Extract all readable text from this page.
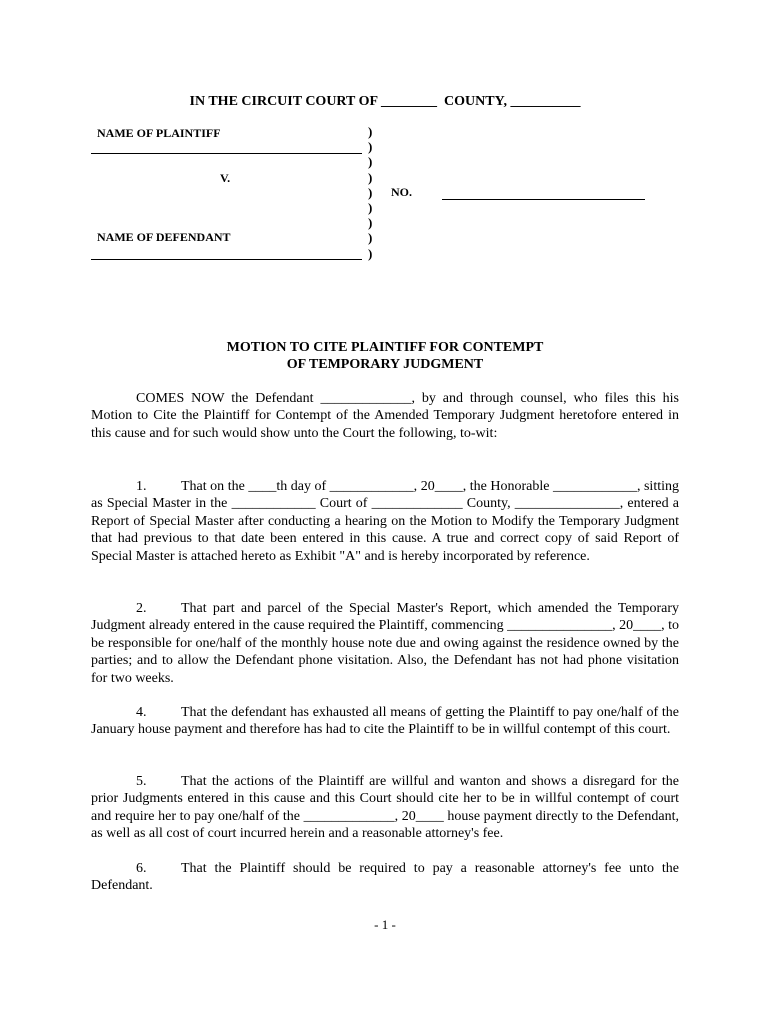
IN THE CIRCUIT COURT OF ________  COUNTY, __________
NAME OF PLAINTIFF
V.
NAME OF DEFENDANT
)
)
)
)
)
)
)
)
)
NO.
MOTION TO CITE PLAINTIFF FOR CONTEMPT
OF TEMPORARY JUDGMENT
COMES NOW the Defendant _____________, by and through counsel, who files this his Motion to Cite the Plaintiff for Contempt of the Amended Temporary Judgment heretofore entered in this cause and for such would show unto the Court the following, to-wit:
1. That on the ____th day of ____________, 20____, the Honorable ____________, sitting as Special Master in the ____________ Court of _____________ County, _______________, entered a Report of Special Master after conducting a hearing on the Motion to Modify the Temporary Judgment that had previous to that date been entered in this cause. A true and correct copy of said Report of Special Master is attached hereto as Exhibit "A" and is hereby incorporated by reference.
2. That part and parcel of the Special Master's Report, which amended the Temporary Judgment already entered in the cause required the Plaintiff, commencing _______________, 20____, to be responsible for one/half of the monthly house note due and owing against the residence owned by the parties; and to allow the Defendant phone visitation. Also, the Defendant has not had phone visitation for two weeks.
4. That the defendant has exhausted all means of getting the Plaintiff to pay one/half of the January house payment and therefore has had to cite the Plaintiff to be in willful contempt of this court.
5. That the actions of the Plaintiff are willful and wanton and shows a disregard for the prior Judgments entered in this cause and this Court should cite her to be in willful contempt of court and require her to pay one/half of the _____________, 20____ house payment directly to the Defendant, as well as all cost of court incurred herein and a reasonable attorney's fee.
6. That the Plaintiff should be required to pay a reasonable attorney's fee unto the Defendant.
- 1 -
